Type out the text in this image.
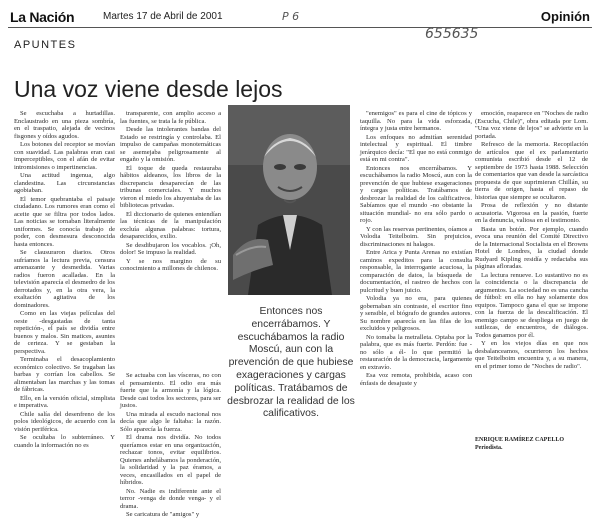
La Nación	Martes 17 de Abril de 2001	Opinión
P 6
655635
APUNTES
Una voz viene desde lejos

Se escuchaba a hurtadillas. Enclaustrado en una pieza sombría, en el traspatio, alejada de vecinos fisgones y oídos agudos.

Los botones del receptor se movían con suavidad. Las palabras eran casi imperceptibles, con el afán de evitar intromisiones o impertinencias.

Una actitud ingenua, algo clandestina. Las circunstancias agobiaban.

El temor quebrantaba el paisaje ciudadano. Los rumores eran como el aceite que se filtra por todos lados. Las noticias se tornaban literalmente uniformes. Se conocía trabajo de poder, con desmesura desconocida hasta entonces.

Se clausuraron diarios. Otros sufríamos la lectura previa, censura amenazante y desmedida. Varias radios fueron acalladas. En la televisión aparecía el desmedro de los derrotados y, en la otra vera, la exaltación agitativa de los dominadores.

Como en las viejas películas del oeste -desgastadas de tanta repetición-, el país se dividía entre buenos y malos. Sin matices, asuntes de certeza. Y se gestaban la perspectiva.

Terminaba el desacoplamiento económico colectivo. Se tragaban las barbas y corrían los cabellos. Se alimentaban las marchas y las tomas de fábricas.

Ello, en la versión oficial, simplista e imperativa.

Chile salía del desenfreno de los polos ideológicos, de acuerdo con la visión periférica.

Se ocultaba lo subterráneo. Y cuando la información no es

transparente, con amplio acceso a las fuentes, se trata la fe pública.

Desde las intolerantes bandas del Estado se restringía y controlaba. El impulso de campañas monotemáticas se asemejaba peligrosamente al engaño y la omisión.

El toque de queda restauraba hábitos aldeanos, los libros de la discrepancia desaparecían de las tribunas comerciales. Y muchos vieron el miedo los ahuyentaba de las bibliotecas privadas.

El diccionario de quienes entendían las técnicas de la manipulación excluía algunas palabras: tortura, desaparecidos, exilio.

Se desdibujaron los vocablos. ¡Oh, dolor! Se impuso la realidad.

Y se nos margino de su conocimiento a millones de chilenos.

Se actuaba con las vísceras, no con el pensamiento. El odio era más fuerte que la armonía y la lógica. Desde casi todos los sectores, para ser justos.

Una mirada al escudo nacional nos decía que algo le faltaba: la razón. Sólo aparecía la fuerza.

El drama nos dividía. No todos queríamos estar en una organización, rechazar tonos, evitar equilibrios. Quienes anhelábamos la ponderación, la solidaridad y la paz éramos, a veces, encasillados en el papel de híbridos.

No. Nadie es indiferente ante el terror -venga de donde venga- y el drama.

Se caricatura de "amigos" y

Entonces nos encerrábamos. Y escuchábamos la radio Moscú, aun con la prevención de que hubiese exageraciones y cargas políticas. Tratábamos de desbrozar la realidad de los calificativos.

"enemigos" es para el cine de tópicos y taquilla. No para la vida esforzada, íntegra y justa entre hermanos.

Los enfoques no admitían serenidad intelectual y espiritual. El timbre jerárquico decía: "El que no está conmigo está en mi contra".

Entonces nos encerrábamos. Y escuchábamos la radio Moscú, aun con la prevención de que hubiese exageraciones y cargas políticas. Tratábamos de desbrozar la realidad de los calificativos. Sabíamos que el mundo -no obstante la situación mundial- no era sólo pardo o rojo.

Y con las reservas pertinentes, oíamos a Volodia Teitelboim. Sin prejuicios, discriminaciones ni halagos.

Entre Arica y Punta Arenas no existían caminos expeditos para la consulta responsable, la interrogante acuciosa, la comparación de datos, la búsqueda de documentación, el rastreo de hechos con pulcritud y buen juicio.

Volodia ya no era, para quienes gobernaban sin contraste, el escritor fino y sensible, el biógrafo de grandes autores. Su nombre aparecía en las filas de los excluidos y peligrosos.

No tomaba la metralleta. Optaba por la palabra, que es más fuerte. Perdón: fue -no sólo a él- lo que permitió la restauración de la democracia, largamente en extravío.

Esa voz remota, prohibida, acaso con énfasis de desajuste y

emoción, reaparece en "Noches de radio (Escucha, Chile)", obra editada por Lom. "Una voz viene de lejos" se advierte en la portada.

Refresco de la memoria. Recopilación de artículos que el ex parlamentario comunista escribió desde el 12 de septiembre de 1973 hasta 1988. Selección de comentarios que van desde la sarcástica propuesta de que suprimieran Chillán, su tierra de origen, hasta el repaso de historias que siempre se ocultaron.

Prosa de reflexión y no distante acusatoria. Vigorosa en la pasión, fuerte en la denuncia, valiosa en el testimonio.

Basta un botón. Por ejemplo, cuando evoca una reunión del Comité Directivo de la Internacional Socialista en el Browns Hotel de Londres, la ciudad donde Rudyard Kipling residía y redactaba sus páginas afloradas.

La lectura renueve. Lo sustantivo no es la coincidencia o la discrepancia de argumentos. La sociedad no es una cancha de fútbol: en ella no hay solamente dos equipos. Tampoco gana el que se impone con la fuerza de la descalificación. El enemigo campo se despliega en juego de sutilezas, de encuentros, de diálogos. Todos ganamos por él.

Y en los viejos días en que nos desbalanceamos, ocurrieron los hechos que Teitelboim encuentra y, a su manera, en el primer tomo de "Noches de radio".

ENRIQUE RAMÍREZ CAPELLO
Periodista.
